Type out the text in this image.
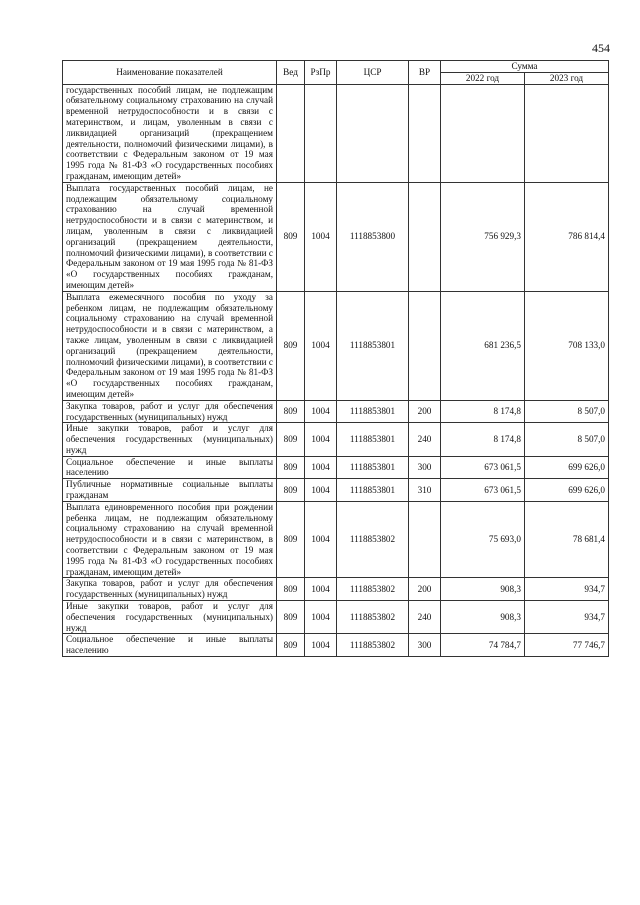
454
Наименование показателей	Вед	РзПр	ЦСР	ВР	Сумма	
					2022 год	2023 год
государственных пособий лицам, не подлежащим обязательному социальному страхованию на случай временной нетрудоспособности и в связи с материнством, и лицам, уволенным в связи с ликвидацией организаций (прекращением деятельности, полномочий физическими лицами), в соответствии с Федеральным законом от 19 мая 1995 года № 81-ФЗ «О государственных пособиях гражданам, имеющим детей»						
Выплата государственных пособий лицам, не подлежащим обязательному социальному страхованию на случай временной нетрудоспособности и в связи с материнством, и лицам, уволенным в связи с ликвидацией организаций (прекращением деятельности, полномочий физическими лицами), в соответствии с Федеральным законом от 19 мая 1995 года № 81-ФЗ «О государственных пособиях гражданам, имеющим детей»	809	1004	1118853800		756 929,3	786 814,4
Выплата ежемесячного пособия по уходу за ребенком лицам, не подлежащим обязательному социальному страхованию на случай временной нетрудоспособности и в связи с материнством, а также лицам, уволенным в связи с ликвидацией организаций (прекращением деятельности, полномочий физическими лицами), в соответствии с Федеральным законом от 19 мая 1995 года № 81-ФЗ «О государственных пособиях гражданам, имеющим детей»	809	1004	1118853801		681 236,5	708 133,0
Закупка товаров, работ и услуг для обеспечения государственных (муниципальных) нужд	809	1004	1118853801	200	8 174,8	8 507,0
Иные закупки товаров, работ и услуг для обеспечения государственных (муниципальных) нужд	809	1004	1118853801	240	8 174,8	8 507,0
Социальное обеспечение и иные выплаты населению	809	1004	1118853801	300	673 061,5	699 626,0
Публичные нормативные социальные выплаты гражданам	809	1004	1118853801	310	673 061,5	699 626,0
Выплата единовременного пособия при рождении ребенка лицам, не подлежащим обязательному социальному страхованию на случай временной нетрудоспособности и в связи с материнством, в соответствии с Федеральным законом от 19 мая 1995 года № 81-ФЗ «О государственных пособиях гражданам, имеющим детей»	809	1004	1118853802		75 693,0	78 681,4
Закупка товаров, работ и услуг для обеспечения государственных (муниципальных) нужд	809	1004	1118853802	200	908,3	934,7
Иные закупки товаров, работ и услуг для обеспечения государственных (муниципальных) нужд	809	1004	1118853802	240	908,3	934,7
Социальное обеспечение и иные выплаты населению	809	1004	1118853802	300	74 784,7	77 746,7
